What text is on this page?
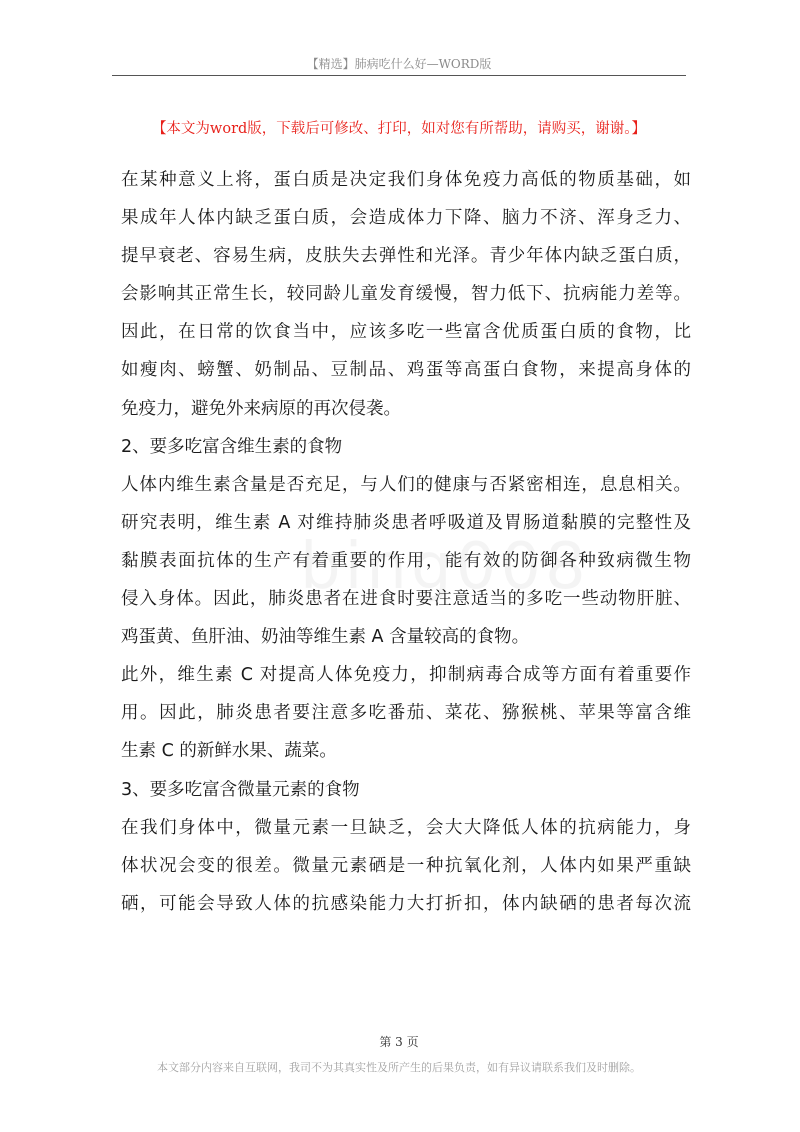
【精选】肺病吃什么好—WORD版
【本文为word版，下载后可修改、打印，如对您有所帮助，请购买，谢谢。】
在某种意义上将，蛋白质是决定我们身体免疫力高低的物质基础，如
果成年人体内缺乏蛋白质，会造成体力下降、脑力不济、浑身乏力、
提早衰老、容易生病，皮肤失去弹性和光泽。青少年体内缺乏蛋白质，
会影响其正常生长，较同龄儿童发育缓慢，智力低下、抗病能力差等。
因此，在日常的饮食当中，应该多吃一些富含优质蛋白质的食物，比
如瘦肉、螃蟹、奶制品、豆制品、鸡蛋等高蛋白食物，来提高身体的
免疫力，避免外来病原的再次侵袭。
2、要多吃富含维生素的食物
人体内维生素含量是否充足，与人们的健康与否紧密相连，息息相关。
研究表明，维生素 A 对维持肺炎患者呼吸道及胃肠道黏膜的完整性及
黏膜表面抗体的生产有着重要的作用，能有效的防御各种致病微生物
侵入身体。因此，肺炎患者在进食时要注意适当的多吃一些动物肝脏、
鸡蛋黄、鱼肝油、奶油等维生素 A 含量较高的食物。
此外，维生素 C 对提高人体免疫力，抑制病毒合成等方面有着重要作
用。因此，肺炎患者要注意多吃番茄、菜花、猕猴桃、苹果等富含维
生素 C 的新鲜水果、蔬菜。
3、要多吃富含微量元素的食物
在我们身体中，微量元素一旦缺乏，会大大降低人体的抗病能力，身
体状况会变的很差。微量元素硒是一种抗氧化剂，人体内如果严重缺
硒，可能会导致人体的抗感染能力大打折扣，体内缺硒的患者每次流
第 3 页
本文部分内容来自互联网，我司不为其真实性及所产生的后果负责，如有异议请联系我们及时删除。
